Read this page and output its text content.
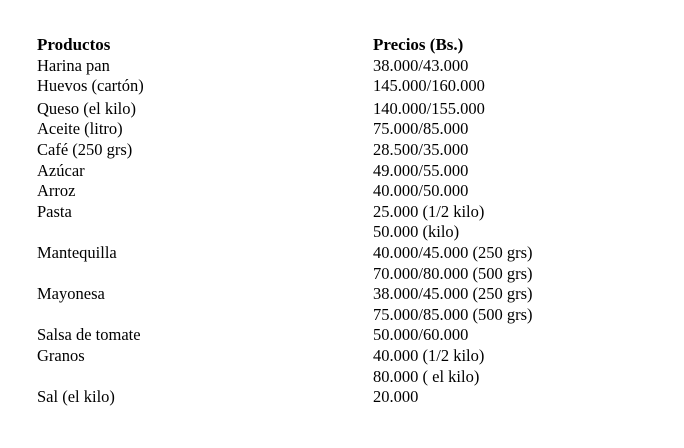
Productos
Harina pan
Huevos (cartón)
Queso (el kilo)
Aceite (litro)
Café (250 grs)
Azúcar
Arroz
Pasta

Mantequilla

Mayonesa

Salsa de tomate
Granos

Sal (el kilo)
Precios (Bs.)
38.000/43.000
145.000/160.000
140.000/155.000
75.000/85.000
28.500/35.000
49.000/55.000
40.000/50.000
25.000 (1/2 kilo)
50.000 (kilo)
40.000/45.000 (250 grs)
70.000/80.000 (500 grs)
38.000/45.000 (250 grs)
75.000/85.000 (500 grs)
50.000/60.000
40.000 (1/2 kilo)
80.000 ( el kilo)
20.000
